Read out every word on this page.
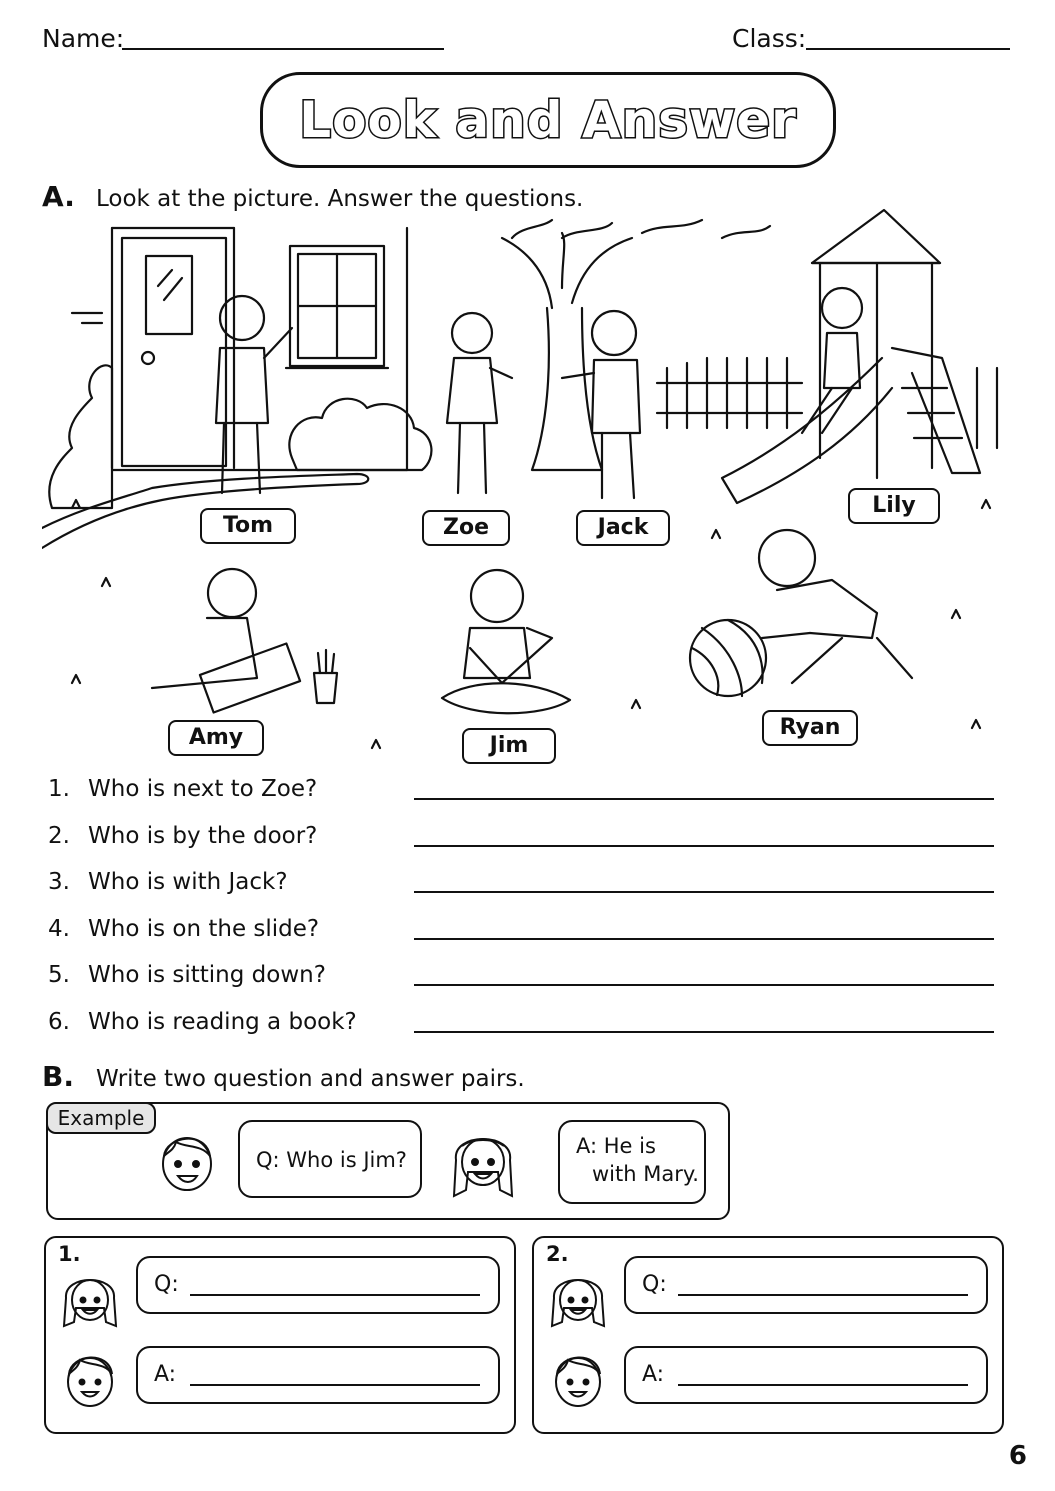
Name:	Class:
Look and Answer
A. Look at the picture. Answer the questions.
Tom	Zoe	Jack
Lily
Amy	Jim
Ryan
1. Who is next to Zoe?
2. Who is by the door?
3. Who is with Jack?
4. Who is on the slide?
5. Who is sitting down?
6. Who is reading a book?
B. Write two question and answer pairs.
Example
Q: Who is Jim?
A: He is
with Mary.
1.
Q:
A:
2.
Q:
A:
6
